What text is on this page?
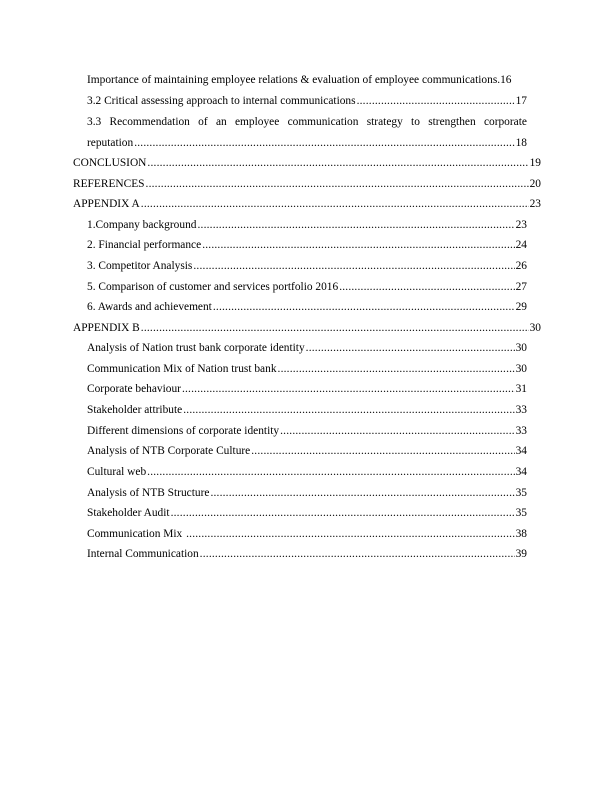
Importance of maintaining employee relations & evaluation of employee communications. 16
3.2 Critical assessing approach to internal communications .....	17
3.3 Recommendation of an employee communication strategy to strengthen corporate
reputation .....	18
CONCLUSION .....	19
REFERENCES .....	20
APPENDIX A .....	23
1.Company background .....	23
2. Financial performance .....	24
3. Competitor Analysis .....	26
5. Comparison of customer and services portfolio 2016 .....	27
6. Awards and achievement .....	29
APPENDIX B .....	30
Analysis of Nation trust bank corporate identity .....	30
Communication Mix of Nation trust bank .....	30
Corporate behaviour .....	31
Stakeholder attribute .....	33
Different dimensions of corporate identity .....	33
Analysis of NTB Corporate Culture .....	34
Cultural web .....	34
Analysis of NTB Structure .....	35
Stakeholder Audit .....	35
Communication Mix .....	38
Internal Communication .....	39
